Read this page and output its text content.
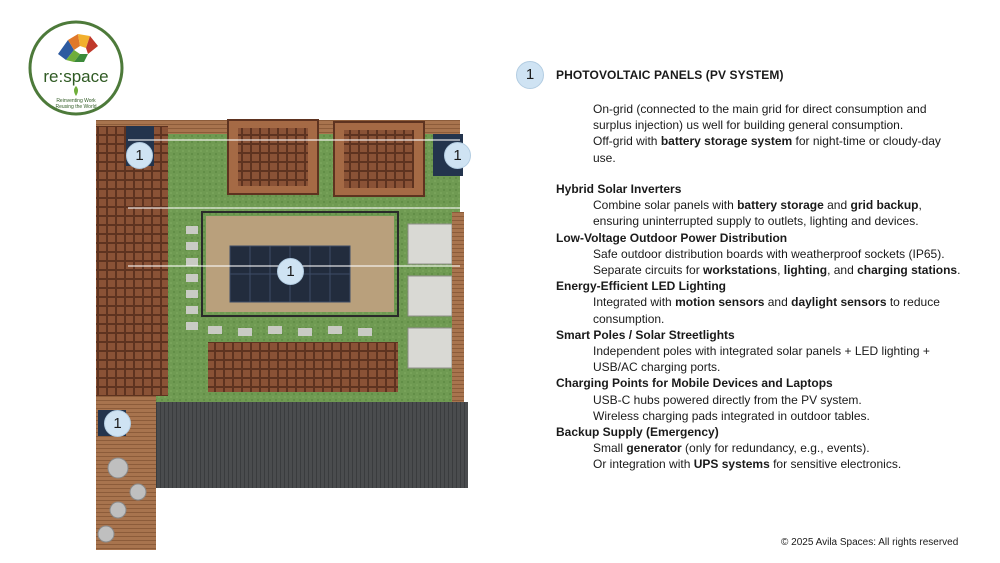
re:space
Reinventing Work
Reusing the World
1	1
1
1
1	PHOTOVOLTAIC PANELS (PV SYSTEM)

On-grid (connected to the main grid for direct consumption and

surplus injection) us well for building general consumption.

Off-grid with battery storage system for night-time or cloudy-day

use.

Hybrid Solar Inverters
Combine solar panels with battery storage and grid backup,
ensuring uninterrupted supply to outlets, lighting and devices.
Low-Voltage Outdoor Power Distribution
Safe outdoor distribution boards with weatherproof sockets (IP65).
Separate circuits for workstations, lighting, and charging stations.
Energy-Efficient LED Lighting
Integrated with motion sensors and daylight sensors to reduce
consumption.
Smart Poles / Solar Streetlights
Independent poles with integrated solar panels + LED lighting +
USB/AC charging ports.
Charging Points for Mobile Devices and Laptops
USB-C hubs powered directly from the PV system.
Wireless charging pads integrated in outdoor tables.
Backup Supply (Emergency)
Small generator (only for redundancy, e.g., events).
Or integration with UPS systems for sensitive electronics.
© 2025 Avila Spaces: All rights reserved
